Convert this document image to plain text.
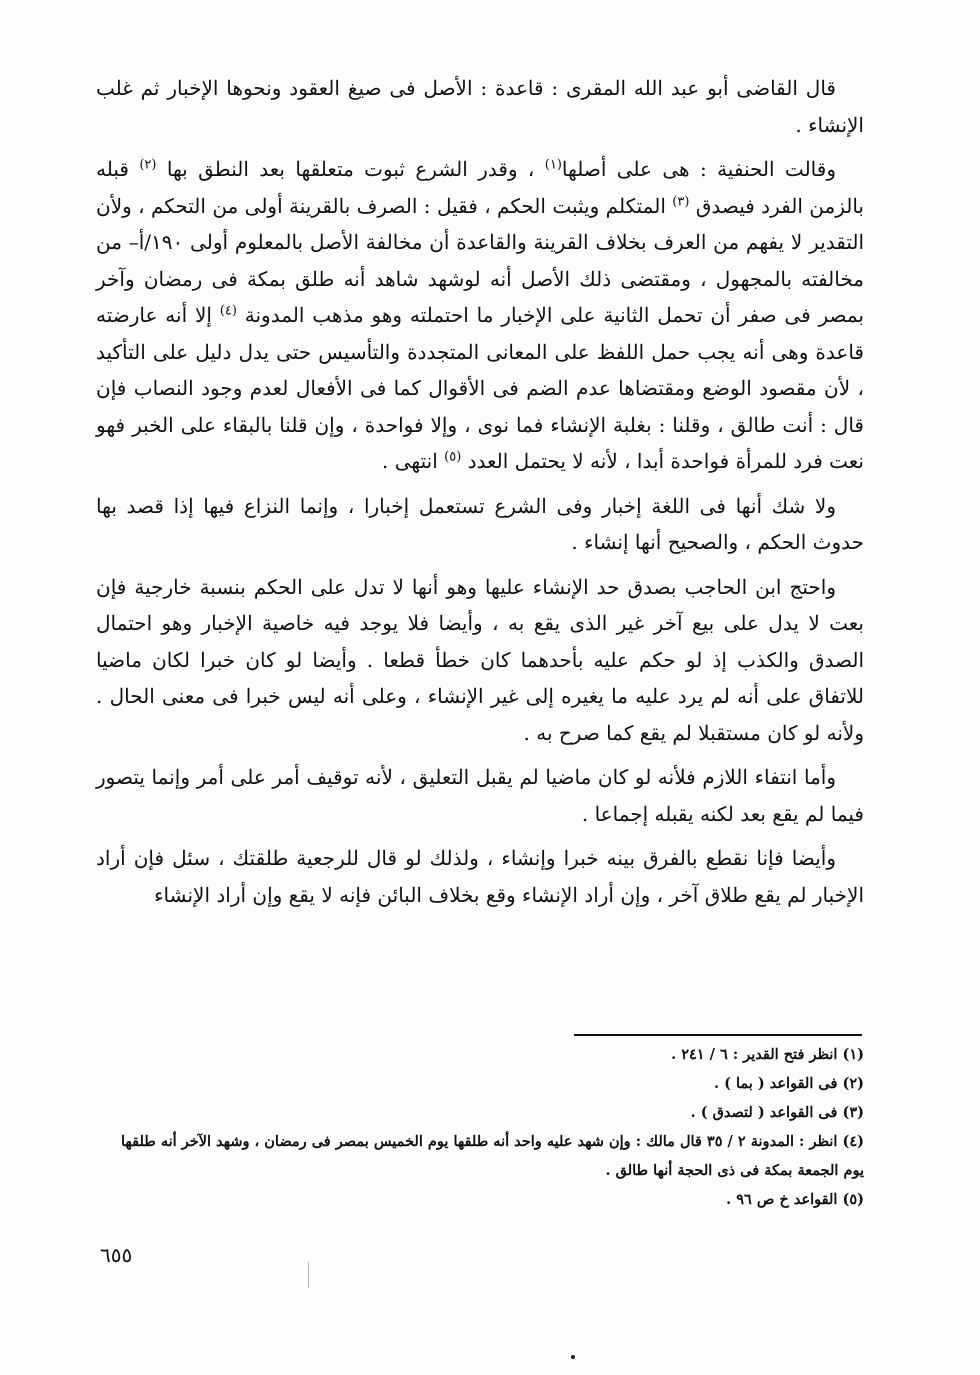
قال القاضى أبو عبد الله المقرى : قاعدة : الأصل فى صيغ العقود ونحوها الإخبار ثم غلب الإنشاء .

وقالت الحنفية : هى على أصلها$^{(١)}$ ، وقدر الشرع ثبوت متعلقها بعد النطق بها $^{(٢)}$ قبله بالزمن الفرد فيصدق $^{(٣)}$ المتكلم ويثبت الحكم ، فقيل : الصرف بالقرينة أولى من التحكم ، ولأن التقدير لا يفهم من العرف بخلاف القرينة والقاعدة أن مخالفة الأصل بالمعلوم أولى ١٩٠/أ– من مخالفته بالمجهول ، ومقتضى ذلك الأصل أنه لوشهد شاهد أنه طلق بمكة فى رمضان وآخر بمصر فى صفر أن تحمل الثانية على الإخبار ما احتملته وهو مذهب المدونة $^{(٤)}$ إلا أنه عارضته قاعدة وهى أنه يجب حمل اللفظ على المعانى المتجددة والتأسيس حتى يدل دليل على التأكيد ، لأن مقصود الوضع ومقتضاها عدم الضم فى الأقوال كما فى الأفعال لعدم وجود النصاب فإن قال : أنت طالق ، وقلنا : بغلبة الإنشاء فما نوى ، وإلا فواحدة ، وإن قلنا بالبقاء على الخبر فهو نعت فرد للمرأة فواحدة أبدا ، لأنه لا يحتمل العدد $^{(٥)}$ انتهى .

ولا شك أنها فى اللغة إخبار وفى الشرع تستعمل إخبارا ، وإنما النزاع فيها إذا قصد بها حدوث الحكم ، والصحيح أنها إنشاء .

واحتج ابن الحاجب بصدق حد الإنشاء عليها وهو أنها لا تدل على الحكم بنسبة خارجية فإن بعت لا يدل على بيع آخر غير الذى يقع به ، وأيضا فلا يوجد فيه خاصية الإخبار وهو احتمال الصدق والكذب إذ لو حكم عليه بأحدهما كان خطأ قطعا . وأيضا لو كان خبرا لكان ماضيا للاتفاق على أنه لم يرد عليه ما يغيره إلى غير الإنشاء ، وعلى أنه ليس خبرا فى معنى الحال . ولأنه لو كان مستقبلا لم يقع كما صرح به .

وأما انتفاء اللازم فلأنه لو كان ماضيا لم يقبل التعليق ، لأنه توقيف أمر على أمر وإنما يتصور فيما لم يقع بعد لكنه يقبله إجماعا .

وأيضا فإنا نقطع بالفرق بينه خبرا وإنشاء ، ولذلك لو قال للرجعية طلقتك ، سئل فإن أراد الإخبار لم يقع طلاق آخر ، وإن أراد الإنشاء وقع بخلاف البائن فإنه لا يقع وإن أراد الإنشاء

(١) انظر فتح القدير : ٦ / ٢٤١ .

(٢) فى القواعد ( بما ) .

(٣) فى القواعد ( لتصدق ) .

(٤) انظر : المدونة ٢ / ٣٥ قال مالك : وإن شهد عليه واحد أنه طلقها يوم الخميس بمصر فى رمضان ، وشهد الآخر أنه طلقها يوم الجمعة بمكة فى ذى الحجة أنها طالق .

(٥) القواعد خ ص ٩٦ .

٦٥٥
